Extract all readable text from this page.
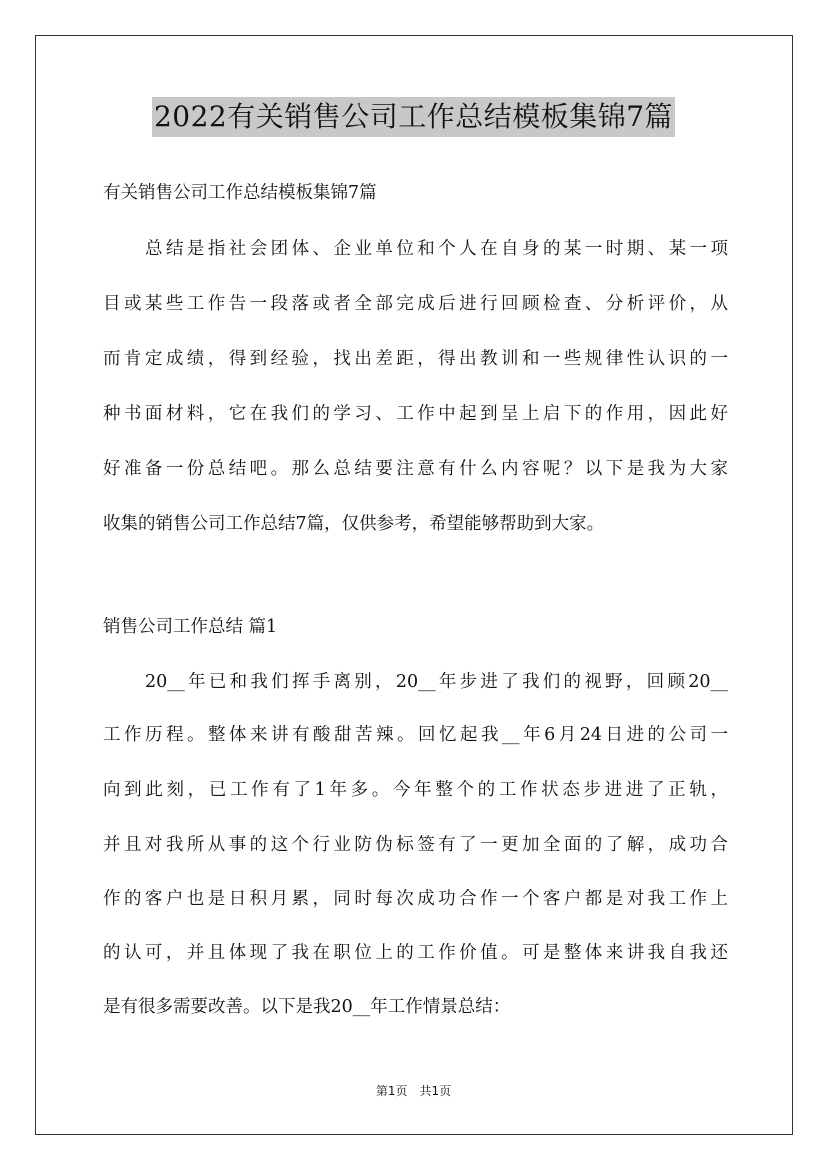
2022有关销售公司工作总结模板集锦7篇

有关销售公司工作总结模板集锦7篇

总结是指社会团体、企业单位和个人在自身的某一时期、某一项

目或某些工作告一段落或者全部完成后进行回顾检查、分析评价，从

而肯定成绩，得到经验，找出差距，得出教训和一些规律性认识的一

种书面材料，它在我们的学习、工作中起到呈上启下的作用，因此好

好准备一份总结吧。那么总结要注意有什么内容呢？以下是我为大家

收集的销售公司工作总结7篇，仅供参考，希望能够帮助到大家。

销售公司工作总结 篇1

20__年已和我们挥手离别，20__年步进了我们的视野，回顾20__

工作历程。整体来讲有酸甜苦辣。回忆起我__年6月24日进的公司一

向到此刻，已工作有了1年多。今年整个的工作状态步进进了正轨，

并且对我所从事的这个行业防伪标签有了一更加全面的了解，成功合

作的客户也是日积月累，同时每次成功合作一个客户都是对我工作上

的认可，并且体现了我在职位上的工作价值。可是整体来讲我自我还

是有很多需要改善。以下是我20__年工作情景总结：

第1页　共1页
